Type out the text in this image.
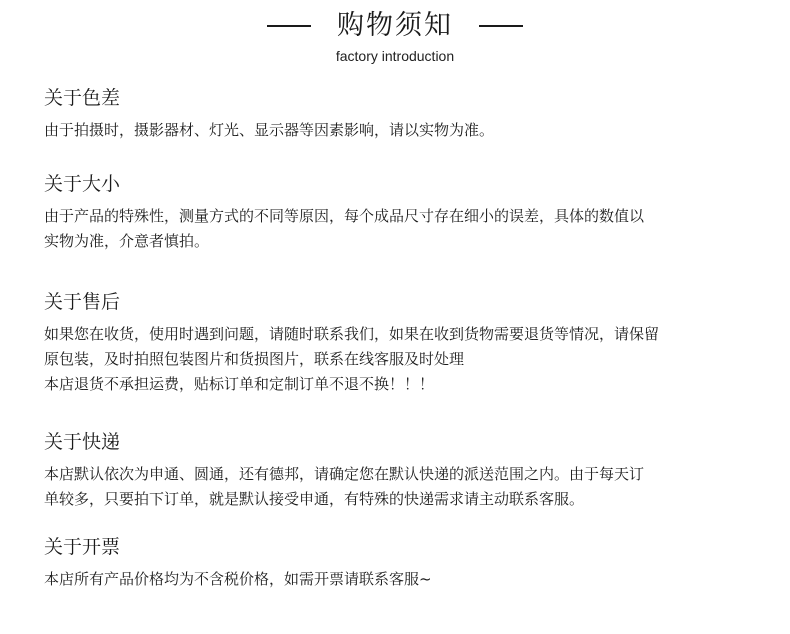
购物须知
factory introduction
关于色差

由于拍摄时，摄影器材、灯光、显示器等因素影响，请以实物为准。

关于大小

由于产品的特殊性，测量方式的不同等原因，每个成品尺寸存在细小的误差，具体的数值以

实物为准，介意者慎拍。

关于售后

如果您在收货，使用时遇到问题，请随时联系我们，如果在收到货物需要退货等情况，请保留

原包装，及时拍照包装图片和货损图片，联系在线客服及时处理

本店退货不承担运费，贴标订单和定制订单不退不换！！！

关于快递

本店默认依次为申通、圆通，还有德邦，请确定您在默认快递的派送范围之内。由于每天订

单较多，只要拍下订单，就是默认接受申通，有特殊的快递需求请主动联系客服。

关于开票

本店所有产品价格均为不含税价格，如需开票请联系客服~
